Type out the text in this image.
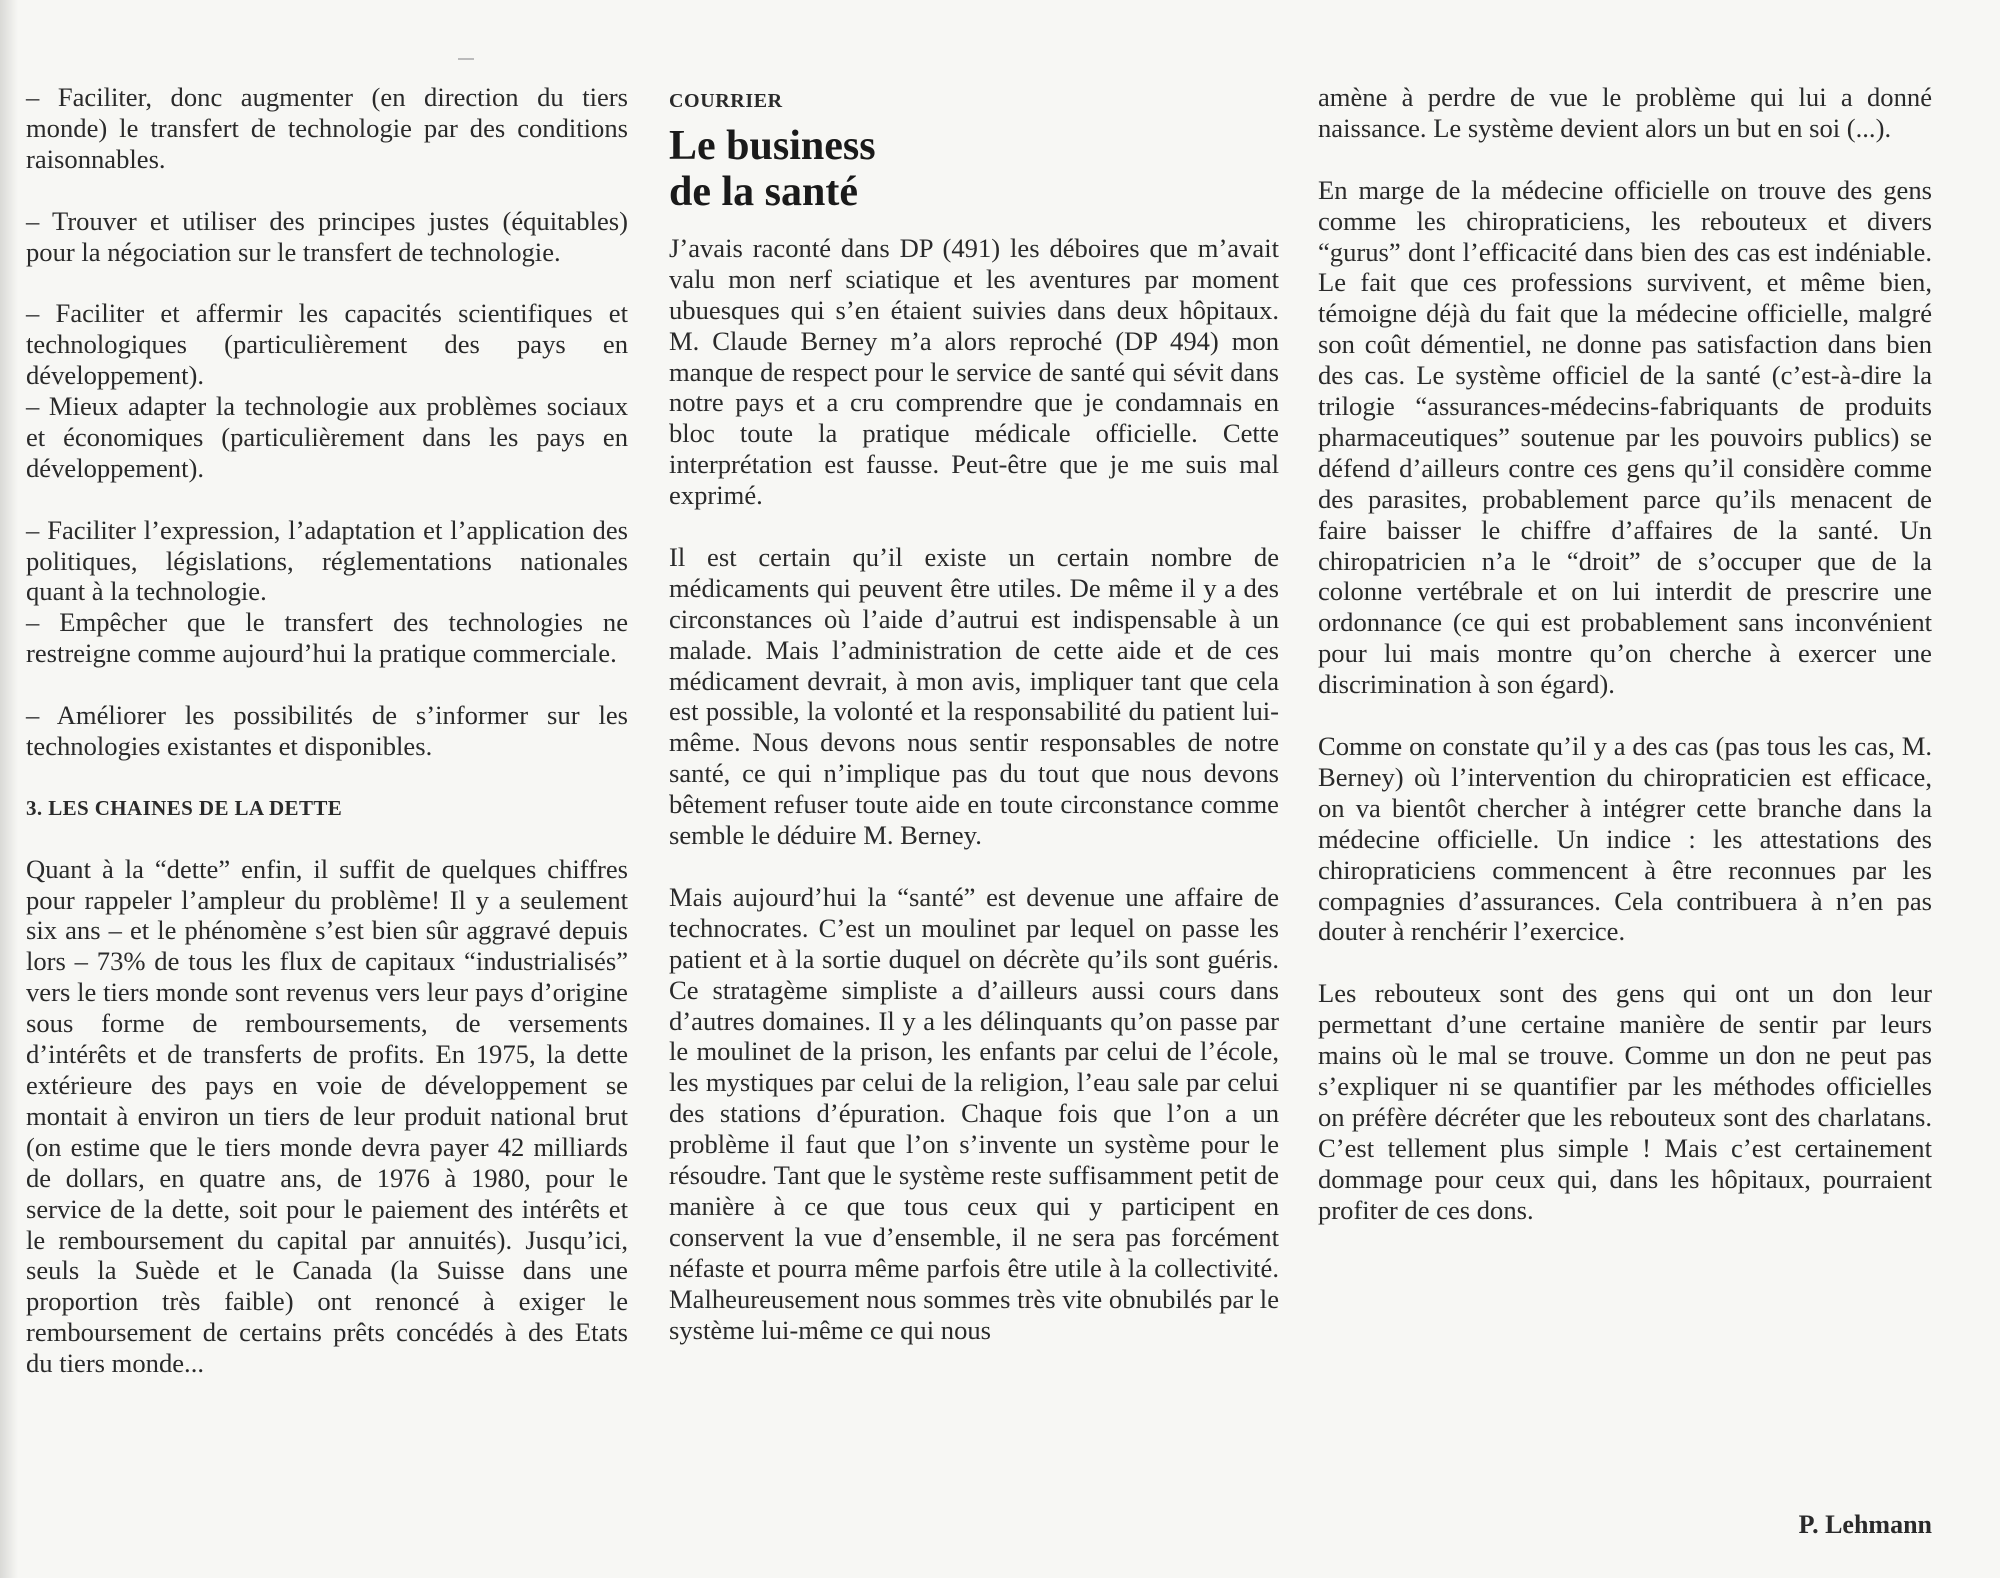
– Faciliter, donc augmenter (en direction du tiers monde) le transfert de technologie par des conditions raisonnables.

– Trouver et utiliser des principes justes (équitables) pour la négociation sur le transfert de technologie.

– Faciliter et affermir les capacités scientifiques et technologiques (particulièrement des pays en développement).

– Mieux adapter la technologie aux problèmes sociaux et économiques (particulièrement dans les pays en développement).

– Faciliter l’expression, l’adaptation et l’application des politiques, législations, réglementations nationales quant à la technologie.

– Empêcher que le transfert des technologies ne restreigne comme aujourd’hui la pratique commerciale.

– Améliorer les possibilités de s’informer sur les technologies existantes et disponibles.

3. LES CHAINES DE LA DETTE

Quant à la “dette” enfin, il suffit de quelques chiffres pour rappeler l’ampleur du problème! Il y a seulement six ans – et le phénomène s’est bien sûr aggravé depuis lors – 73% de tous les flux de capitaux “industrialisés” vers le tiers monde sont revenus vers leur pays d’origine sous forme de remboursements, de versements d’intérêts et de transferts de profits. En 1975, la dette extérieure des pays en voie de développement se montait à environ un tiers de leur produit national brut (on estime que le tiers monde devra payer 42 milliards de dollars, en quatre ans, de 1976 à 1980, pour le service de la dette, soit pour le paiement des intérêts et le remboursement du capital par annuités). Jusqu’ici, seuls la Suède et le Canada (la Suisse dans une proportion très faible) ont renoncé à exiger le remboursement de certains prêts concédés à des Etats du tiers monde...

COURRIER
Le business
de la santé

J’avais raconté dans DP (491) les déboires que m’avait valu mon nerf sciatique et les aventures par moment ubuesques qui s’en étaient suivies dans deux hôpitaux. M. Claude Berney m’a alors reproché (DP 494) mon manque de respect pour le service de santé qui sévit dans notre pays et a cru comprendre que je condamnais en bloc toute la pratique médicale officielle. Cette interprétation est fausse. Peut-être que je me suis mal exprimé.

Il est certain qu’il existe un certain nombre de médicaments qui peuvent être utiles. De même il y a des circonstances où l’aide d’autrui est indispensable à un malade. Mais l’administration de cette aide et de ces médicament devrait, à mon avis, impliquer tant que cela est possible, la volonté et la responsabilité du patient lui-même. Nous devons nous sentir responsables de notre santé, ce qui n’implique pas du tout que nous devons bêtement refuser toute aide en toute circonstance comme semble le déduire M. Berney.

Mais aujourd’hui la “santé” est devenue une affaire de technocrates. C’est un moulinet par lequel on passe les patient et à la sortie duquel on décrète qu’ils sont guéris. Ce stratagème simpliste a d’ailleurs aussi cours dans d’autres domaines. Il y a les délinquants qu’on passe par le moulinet de la prison, les enfants par celui de l’école, les mystiques par celui de la religion, l’eau sale par celui des stations d’épuration. Chaque fois que l’on a un problème il faut que l’on s’invente un système pour le résoudre. Tant que le système reste suffisamment petit de manière à ce que tous ceux qui y participent en conservent la vue d’ensemble, il ne sera pas forcément néfaste et pourra même parfois être utile à la collectivité. Malheureusement nous sommes très vite obnubilés par le système lui-même ce qui nous

amène à perdre de vue le problème qui lui a donné naissance. Le système devient alors un but en soi (...).

En marge de la médecine officielle on trouve des gens comme les chiropraticiens, les rebouteux et divers “gurus” dont l’efficacité dans bien des cas est indéniable. Le fait que ces professions survivent, et même bien, témoigne déjà du fait que la médecine officielle, malgré son coût démentiel, ne donne pas satisfaction dans bien des cas. Le système officiel de la santé (c’est-à-dire la trilogie “assurances-médecins-fabriquants de produits pharmaceutiques” soutenue par les pouvoirs publics) se défend d’ailleurs contre ces gens qu’il considère comme des parasites, probablement parce qu’ils menacent de faire baisser le chiffre d’affaires de la santé. Un chiropatricien n’a le “droit” de s’occuper que de la colonne vertébrale et on lui interdit de prescrire une ordonnance (ce qui est probablement sans inconvénient pour lui mais montre qu’on cherche à exercer une discrimination à son égard).

Comme on constate qu’il y a des cas (pas tous les cas, M. Berney) où l’intervention du chiropraticien est efficace, on va bientôt chercher à intégrer cette branche dans la médecine officielle. Un indice : les attestations des chiropraticiens commencent à être reconnues par les compagnies d’assurances. Cela contribuera à n’en pas douter à renchérir l’exercice.

Les rebouteux sont des gens qui ont un don leur permettant d’une certaine manière de sentir par leurs mains où le mal se trouve. Comme un don ne peut pas s’expliquer ni se quantifier par les méthodes officielles on préfère décréter que les rebouteux sont des charlatans. C’est tellement plus simple ! Mais c’est certainement dommage pour ceux qui, dans les hôpitaux, pourraient profiter de ces dons.

P. Lehmann
